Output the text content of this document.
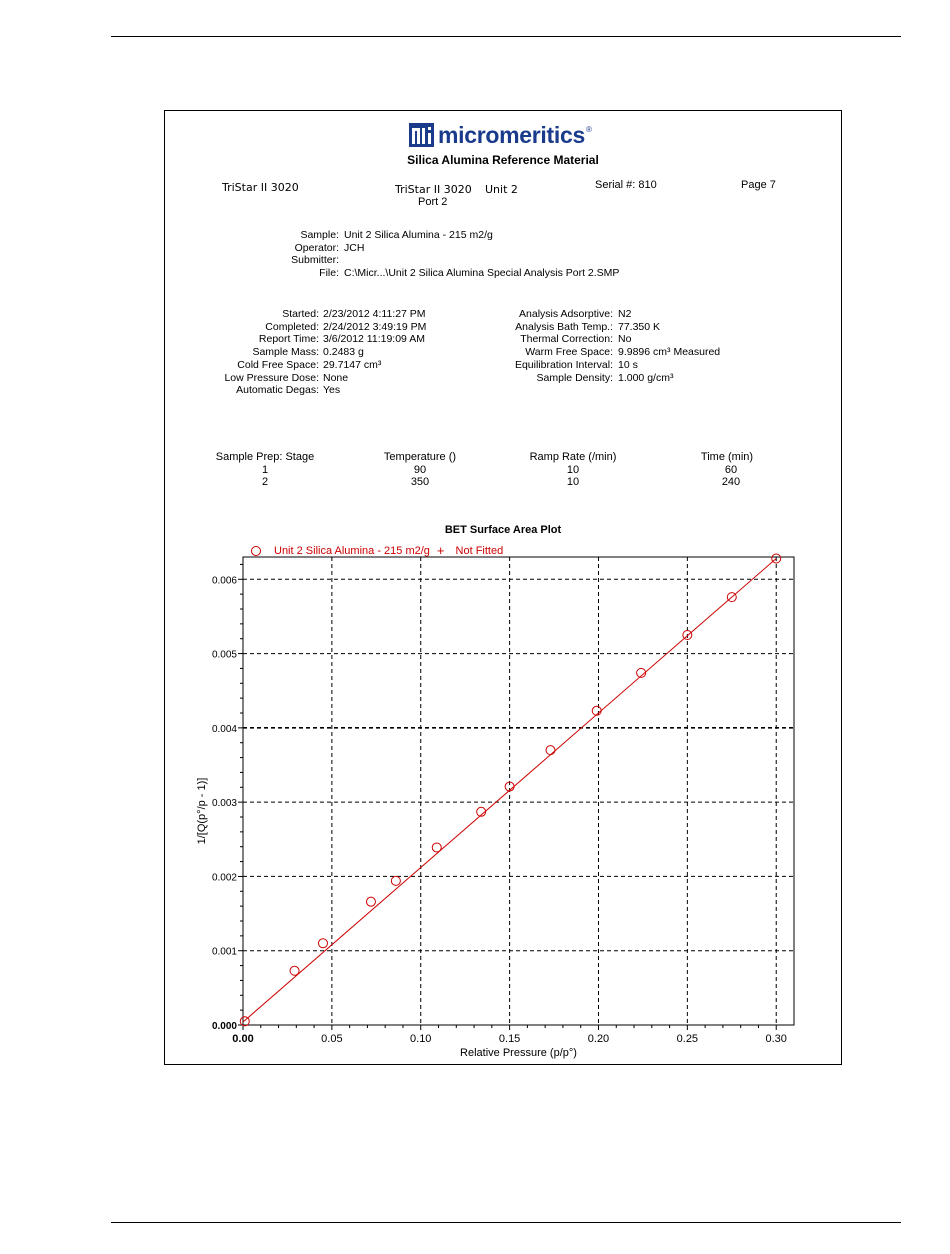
micromeritics ®
Silica Alumina Reference Material
TriStar II 3020	TriStar II 3020 Unit 2
Port 2
Serial #: 810	Page 7
Sample: Unit 2 Silica Alumina - 215 m2/g
Operator: JCH
Submitter:
File: C:\Micr...\Unit 2 Silica Alumina Special Analysis Port 2.SMP
Started: 2/23/2012 4:11:27 PM
Completed: 2/24/2012 3:49:19 PM
Report Time: 3/6/2012 11:19:09 AM
Sample Mass: 0.2483 g
Cold Free Space: 29.7147 cm³
Low Pressure Dose: None
Automatic Degas: Yes
Analysis Adsorptive: N2
Analysis Bath Temp.: 77.350 K
Thermal Correction: No
Warm Free Space: 9.9896 cm³ Measured
Equilibration Interval: 10 s
Sample Density: 1.000 g/cm³
Sample Prep: Stage	Temperature ()	Ramp Rate (/min)	Time (min)
1	90	10	60
2	350	10	240
BET Surface Area Plot
Unit 2 Silica Alumina - 215 m2/g + Not Fitted
0.00	0.05	0.10	0.15	0.20	0.25	0.30
0.000
0.001
0.002
0.003
0.004
0.005
0.006
Relative Pressure (p/p°)
1/[Q(p°/p - 1)]
